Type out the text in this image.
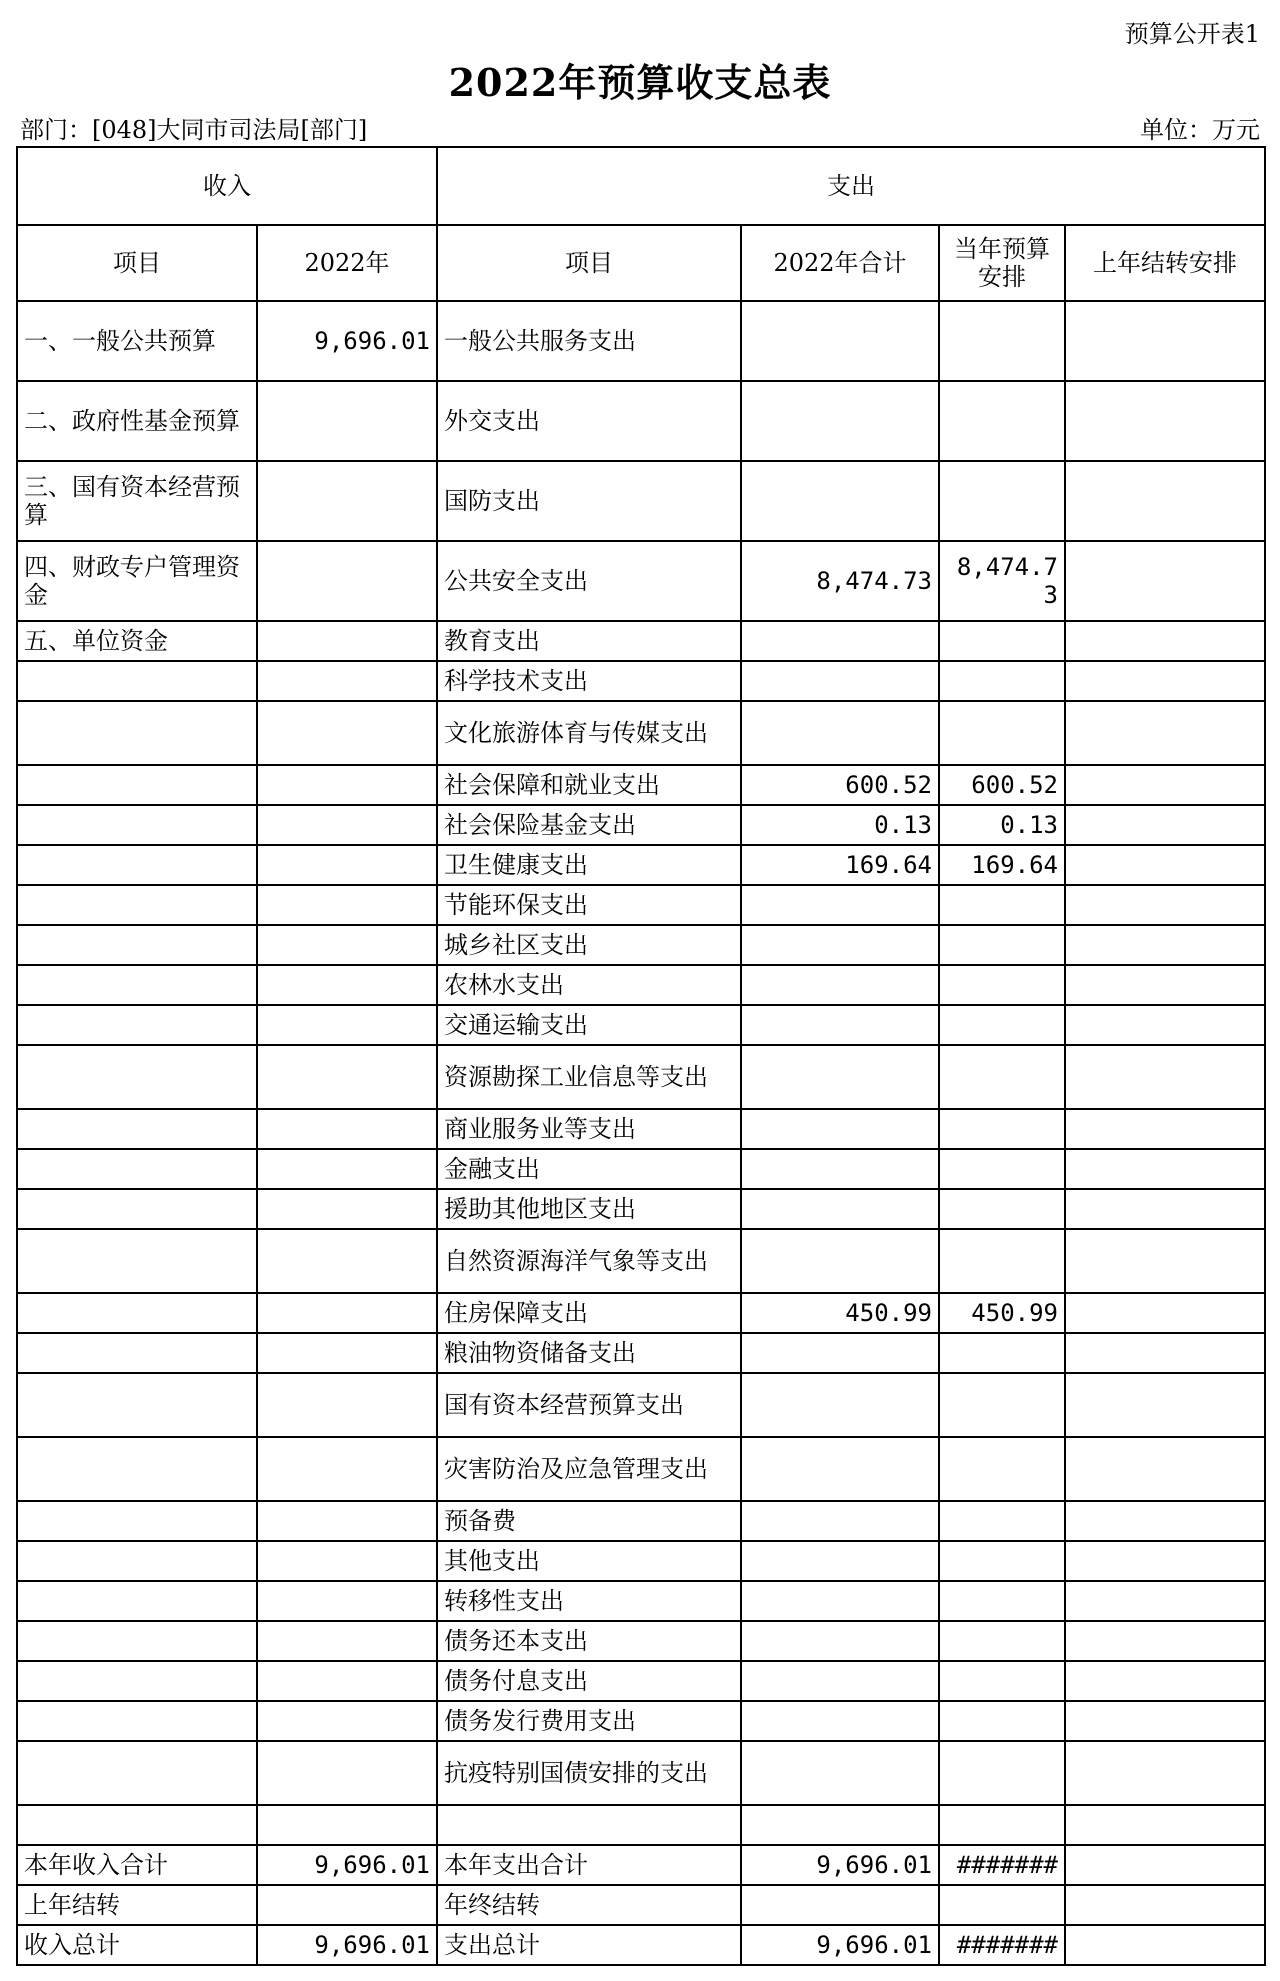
预算公开表1
2022年预算收支总表
部门：[048]大同市司法局[部门]	单位：万元
收入		支出			
项目	2022年	项目	2022年合计	当年预算安排	上年结转安排
一、一般公共预算	9,696.01	一般公共服务支出			
二、政府性基金预算		外交支出			
三、国有资本经营预算		国防支出			
四、财政专户管理资金		公共安全支出	8,474.73	8,474.73	
五、单位资金		教育支出			
		科学技术支出			
		文化旅游体育与传媒支出			
		社会保障和就业支出	600.52	600.52	
		社会保险基金支出	0.13	0.13	
		卫生健康支出	169.64	169.64	
		节能环保支出			
		城乡社区支出			
		农林水支出			
		交通运输支出			
		资源勘探工业信息等支出			
		商业服务业等支出			
		金融支出			
		援助其他地区支出			
		自然资源海洋气象等支出			
		住房保障支出	450.99	450.99	
		粮油物资储备支出			
		国有资本经营预算支出			
		灾害防治及应急管理支出			
		预备费			
		其他支出			
		转移性支出			
		债务还本支出			
		债务付息支出			
		债务发行费用支出			
		抗疫特别国债安排的支出			

本年收入合计	9,696.01	本年支出合计	9,696.01	#######	
上年结转		年终结转			
收入总计	9,696.01	支出总计	9,696.01	#######	
